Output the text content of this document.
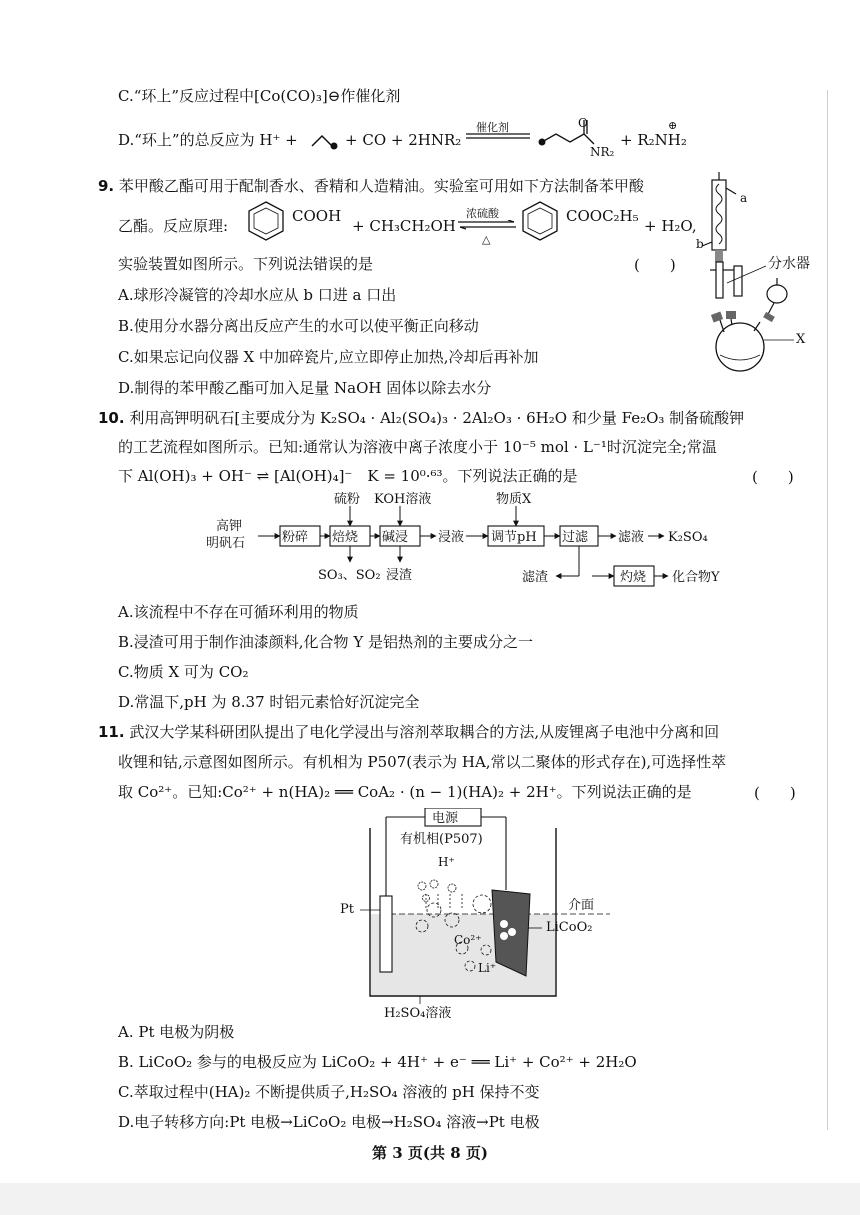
C.“环上”反应过程中[Co(CO)₃]⊖作催化剂
D.“环上”的总反应为 H⁺ +	+ CO + 2HNR₂
催化剂	O
NR₂
+ R₂NH₂
⊕
9. 苯甲酸乙酯可用于配制香水、香精和人造精油。实验室可用如下方法制备苯甲酸
乙酯。反应原理:
COOH
+ CH₃CH₂OH
浓硫酸
△
COOC₂H₅
+ H₂O,
实验装置如图所示。下列说法错误的是	(　　)
A.球形冷凝管的冷却水应从 b 口进 a 口出
B.使用分水器分离出反应产生的水可以使平衡正向移动
C.如果忘记向仪器 X 中加碎瓷片,应立即停止加热,冷却后再补加
D.制得的苯甲酸乙酯可加入足量 NaOH 固体以除去水分
a
b
分水器
X
10. 利用高钾明矾石[主要成分为 K₂SO₄ · Al₂(SO₄)₃ · 2Al₂O₃ · 6H₂O 和少量 Fe₂O₃ 制备硫酸钾
的工艺流程如图所示。已知:通常认为溶液中离子浓度小于 10⁻⁵ mol · L⁻¹时沉淀完全;常温
下 Al(OH)₃ + OH⁻ ⇌ [Al(OH)₄]⁻　K = 10⁰·⁶³。下列说法正确的是	(　　)
高钾
明矾石	粉碎 焙烧 碱浸 浸液 调节pH 过滤 滤液 K₂SO₄
硫粉 KOH溶液	物质X
SO₃、SO₂ 浸渣	滤渣	灼烧 化合物Y
A.该流程中不存在可循环利用的物质
B.浸渣可用于制作油漆颜料,化合物 Y 是铝热剂的主要成分之一
C.物质 X 可为 CO₂
D.常温下,pH 为 8.37 时铝元素恰好沉淀完全
11. 武汉大学某科研团队提出了电化学浸出与溶剂萃取耦合的方法,从废锂离子电池中分离和回
收锂和钴,示意图如图所示。有机相为 P507(表示为 HA,常以二聚体的形式存在),可选择性萃
取 Co²⁺。已知:Co²⁺ + n(HA)₂ ══ CoA₂ · (n − 1)(HA)₂ + 2H⁺。下列说法正确的是	(　　)
电源
有机相(P507)
H⁺
介面
Pt
LiCoO₂
Co²⁺
Li⁺
H₂SO₄溶液
A. Pt 电极为阴极
B. LiCoO₂ 参与的电极反应为 LiCoO₂ + 4H⁺ + e⁻ ══ Li⁺ + Co²⁺ + 2H₂O
C.萃取过程中(HA)₂ 不断提供质子,H₂SO₄ 溶液的 pH 保持不变
D.电子转移方向:Pt 电极→LiCoO₂ 电极→H₂SO₄ 溶液→Pt 电极
第 3 页(共 8 页)
